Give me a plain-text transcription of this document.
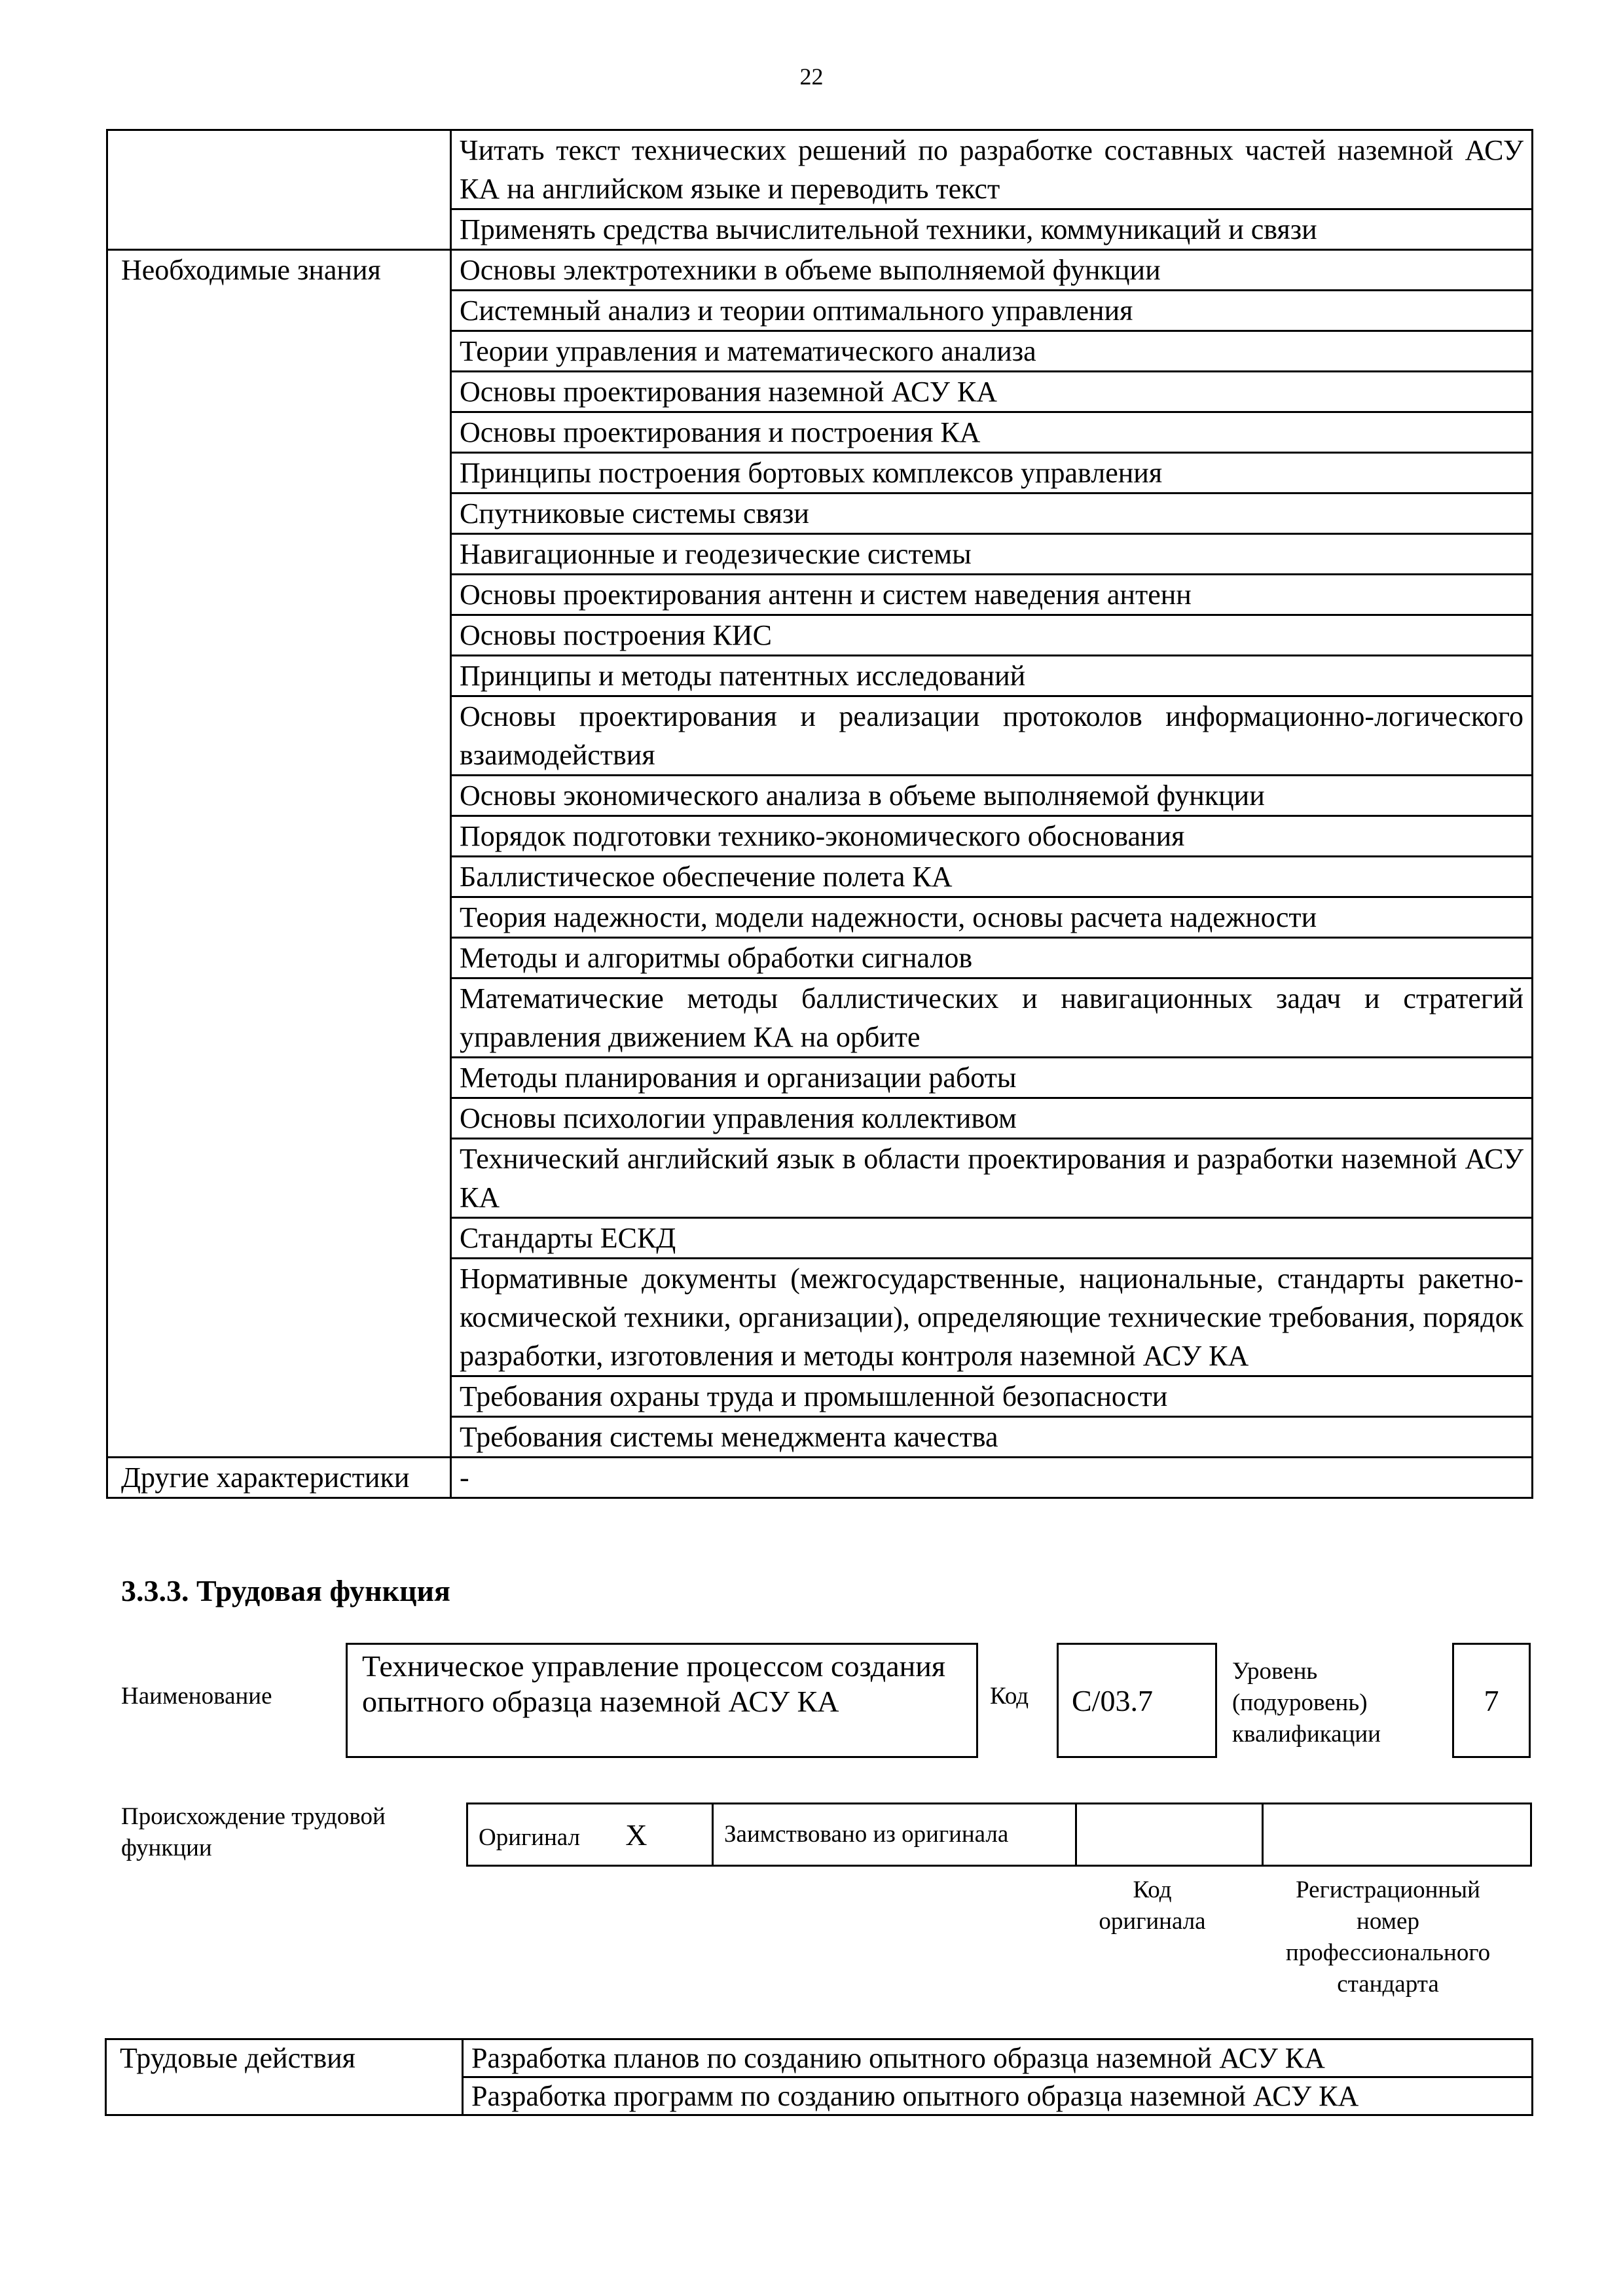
22
	Читать текст технических решений по разработке составных частей наземной АСУ КА на английском языке и переводить текст
	Применять средства вычислительной техники, коммуникаций и связи
Необходимые знания	Основы электротехники в объеме выполняемой функции
	Системный анализ и теории оптимального управления
	Теории управления и математического анализа
	Основы проектирования наземной АСУ КА
	Основы проектирования и построения КА
	Принципы построения бортовых комплексов управления
	Спутниковые системы связи
	Навигационные и геодезические системы
	Основы проектирования антенн и систем наведения антенн
	Основы построения КИС
	Принципы и методы патентных исследований
	Основы проектирования и реализации протоколов информационно-логического взаимодействия
	Основы экономического анализа в объеме выполняемой функции
	Порядок подготовки технико-экономического обоснования
	Баллистическое обеспечение полета КА
	Теория надежности, модели надежности, основы расчета надежности
	Методы и алгоритмы обработки сигналов
	Математические методы баллистических и навигационных задач и стратегий управления движением КА на орбите
	Методы планирования и организации работы
	Основы психологии управления коллективом
	Технический английский язык в области проектирования и разработки наземной АСУ КА
	Стандарты ЕСКД
	Нормативные документы (межгосударственные, национальные, стандарты ракетно-космической техники, организации), определяющие технические требования, порядок разработки, изготовления и методы контроля наземной АСУ КА
	Требования охраны труда и промышленной безопасности
	Требования системы менеджмента качества
Другие характеристики	-
3.3.3. Трудовая функция
Наименование
Техническое управление процессом создания опытного образца наземной АСУ КА	Код	С/03.7
Уровень (подуровень) квалификации
7
Происхождение трудовой функции	Оригинал X	Заимствовано из оригинала		
Код оригинала
Регистрационный номер профессионального стандарта
Трудовые действия	Разработка планов по созданию опытного образца наземной АСУ КА
Разработка программ по созданию опытного образца наземной АСУ КА
